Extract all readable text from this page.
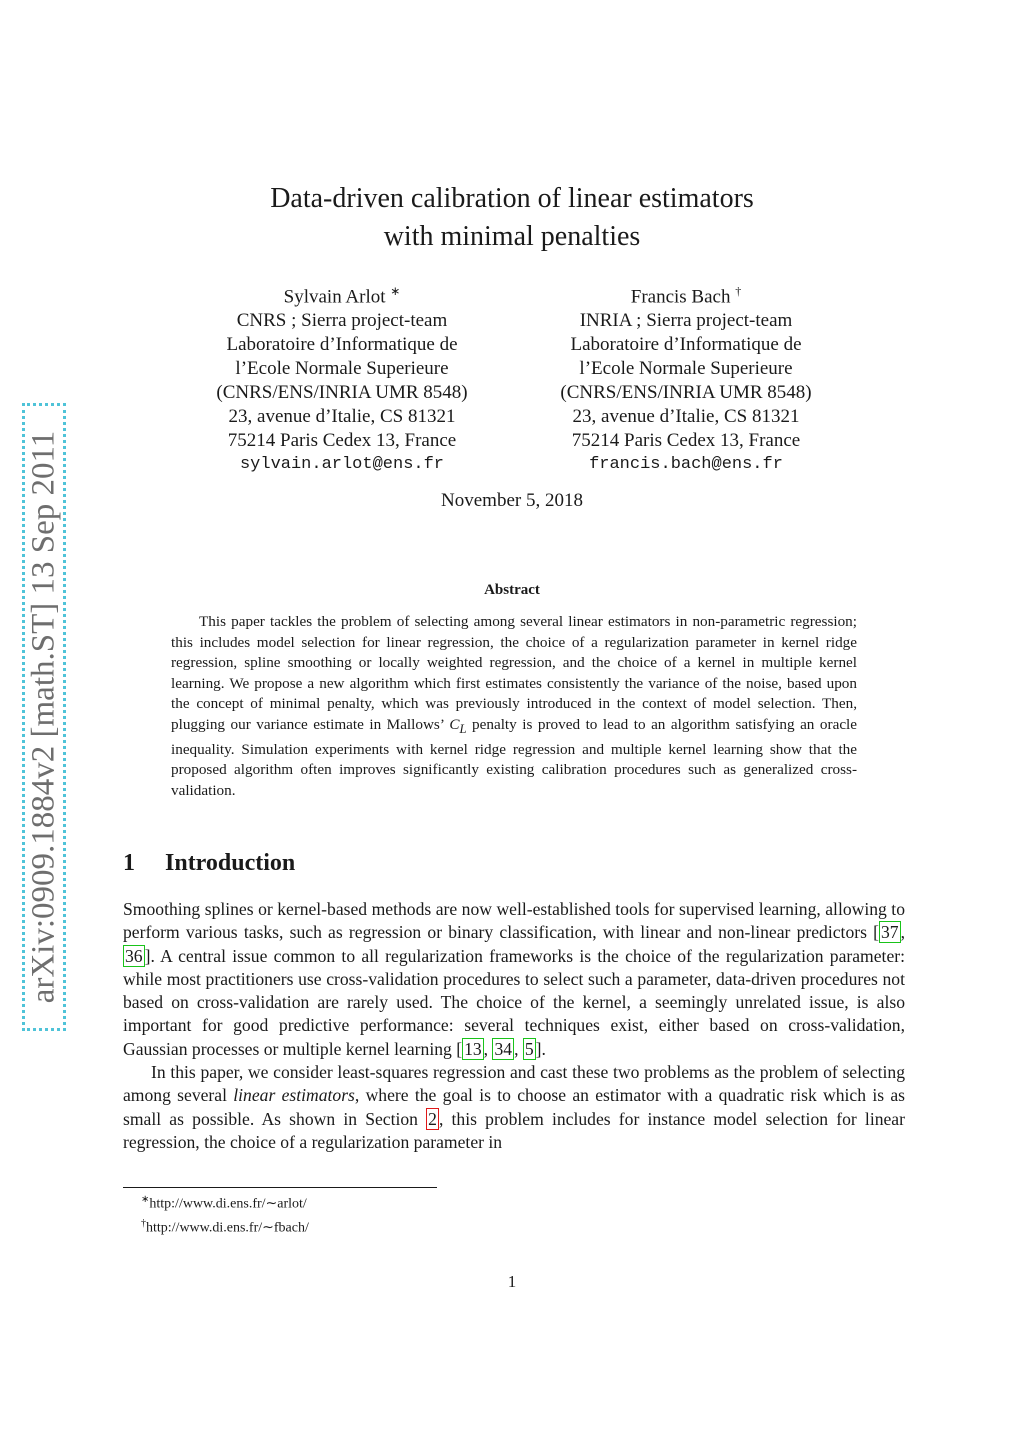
arXiv:0909.1884v2 [math.ST] 13 Sep 2011
Data-driven calibration of linear estimators
with minimal penalties
Sylvain Arlot ∗
CNRS ; Sierra project-team
Laboratoire d’Informatique de
l’Ecole Normale Superieure
(CNRS/ENS/INRIA UMR 8548)
23, avenue d’Italie, CS 81321
75214 Paris Cedex 13, France
sylvain.arlot@ens.fr
Francis Bach †
INRIA ; Sierra project-team
Laboratoire d’Informatique de
l’Ecole Normale Superieure
(CNRS/ENS/INRIA UMR 8548)
23, avenue d’Italie, CS 81321
75214 Paris Cedex 13, France
francis.bach@ens.fr
November 5, 2018
Abstract
This paper tackles the problem of selecting among several linear estimators in non-parametric regression; this includes model selection for linear regression, the choice of a regularization parameter in kernel ridge regression, spline smoothing or locally weighted regression, and the choice of a kernel in multiple kernel learning. We propose a new algorithm which first estimates consistently the variance of the noise, based upon the concept of minimal penalty, which was previously introduced in the context of model selection. Then, plugging our variance estimate in Mallows’ $C_L$ penalty is proved to lead to an algorithm satisfying an oracle inequality. Simulation experiments with kernel ridge regression and multiple kernel learning show that the proposed algorithm often improves significantly existing calibration procedures such as generalized cross-validation.
1 Introduction

Smoothing splines or kernel-based methods are now well-established tools for supervised learning, allowing to perform various tasks, such as regression or binary classification, with linear and non-linear predictors [ 37 , 36 ]. A central issue common to all regularization frameworks is the choice of the regularization parameter: while most practitioners use cross-validation procedures to select such a parameter, data-driven procedures not based on cross-validation are rarely used. The choice of the kernel, a seemingly unrelated issue, is also important for good predictive performance: several techniques exist, either based on cross-validation, Gaussian processes or multiple kernel learning [ 13 , 34 , 5 ].

In this paper, we consider least-squares regression and cast these two problems as the problem of selecting among several linear estimators, where the goal is to choose an estimator with a quadratic risk which is as small as possible. As shown in Section 2 , this problem includes for instance model selection for linear regression, the choice of a regularization parameter in

∗http://www.di.ens.fr/∼arlot/
†http://www.di.ens.fr/∼fbach/
1
